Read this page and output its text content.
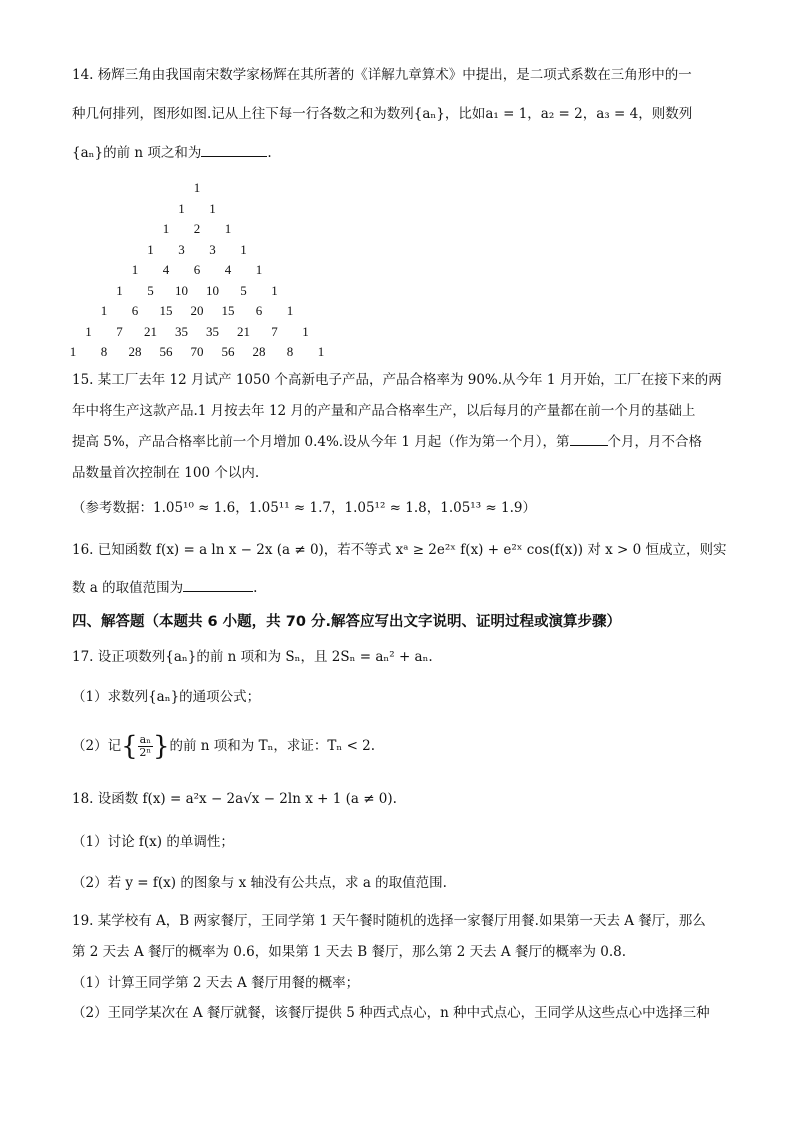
14. 杨辉三角由我国南宋数学家杨辉在其所著的《详解九章算术》中提出，是二项式系数在三角形中的一
种几何排列，图形如图.记从上往下每一行各数之和为数列{aₙ}，比如a₁ = 1，a₂ = 2，a₃ = 4，则数列
{aₙ}的前 n 项之和为	.
1
1 1
1 2 1
1 3 3 1
1 4 6 4 1
1 5 10 10 5 1
1 6 15 20 15 6 1
1 7 21 35 35 21 7 1
1 8 28 56 70 56 28 8 1
15. 某工厂去年 12 月试产 1050 个高新电子产品，产品合格率为 90%.从今年 1 月开始，工厂在接下来的两
年中将生产这款产品.1 月按去年 12 月的产量和产品合格率生产，以后每月的产量都在前一个月的基础上
提高 5%，产品合格率比前一个月增加 0.4%.设从今年 1 月起（作为第一个月），第	个月，月不合格
品数量首次控制在 100 个以内.
（参考数据：1.05¹⁰ ≈ 1.6，1.05¹¹ ≈ 1.7，1.05¹² ≈ 1.8，1.05¹³ ≈ 1.9）
16. 已知函数 f(x) = a ln x − 2x (a ≠ 0)，若不等式 xᵃ ≥ 2e²ˣ f(x) + e²ˣ cos(f(x)) 对 x > 0 恒成立，则实
数 a 的取值范围为	.
四、解答题（本题共 6 小题，共 70 分.解答应写出文字说明、证明过程或演算步骤）
17. 设正项数列{aₙ}的前 n 项和为 Sₙ，且 2Sₙ = aₙ² + aₙ.
（1）求数列{aₙ}的通项公式；
（2）记{ $\frac{\text{aₙ}}{\text{2ⁿ}}$}的前 n 项和为 Tₙ，求证：Tₙ < 2.
18. 设函数 f(x) = a²x − 2a√x − 2ln x + 1 (a ≠ 0).
（1）讨论 f(x) 的单调性；
（2）若 y = f(x) 的图象与 x 轴没有公共点，求 a 的取值范围.
19. 某学校有 A，B 两家餐厅，王同学第 1 天午餐时随机的选择一家餐厅用餐.如果第一天去 A 餐厅，那么
第 2 天去 A 餐厅的概率为 0.6，如果第 1 天去 B 餐厅，那么第 2 天去 A 餐厅的概率为 0.8.
（1）计算王同学第 2 天去 A 餐厅用餐的概率；
（2）王同学某次在 A 餐厅就餐，该餐厅提供 5 种西式点心，n 种中式点心，王同学从这些点心中选择三种
